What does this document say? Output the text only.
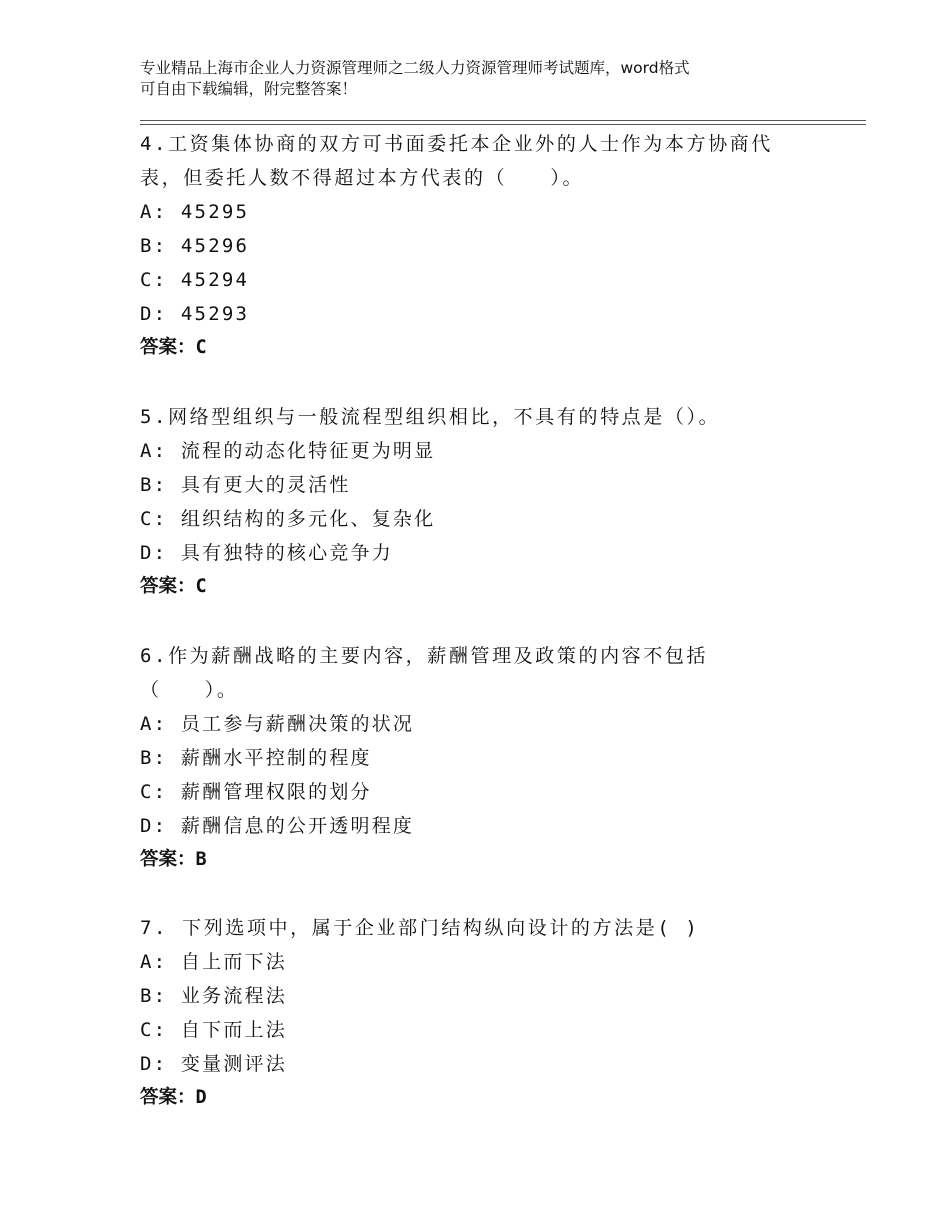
专业精品上海市企业人力资源管理师之二级人力资源管理师考试题库，word格式
可自由下载编辑，附完整答案！
4.工资集体协商的双方可书面委托本企业外的人士作为本方协商代
表，但委托人数不得超过本方代表的（　　）。
A: 45295
B: 45296
C: 45294
D: 45293
答案：C
5.网络型组织与一般流程型组织相比，不具有的特点是（）。
A: 流程的动态化特征更为明显
B: 具有更大的灵活性
C: 组织结构的多元化、复杂化
D: 具有独特的核心竞争力
答案：C
6.作为薪酬战略的主要内容，薪酬管理及政策的内容不包括
（　　）。
A: 员工参与薪酬决策的状况
B: 薪酬水平控制的程度
C: 薪酬管理权限的划分
D: 薪酬信息的公开透明程度
答案：B
7. 下列选项中，属于企业部门结构纵向设计的方法是( )
A: 自上而下法
B: 业务流程法
C: 自下而上法
D: 变量测评法
答案：D
